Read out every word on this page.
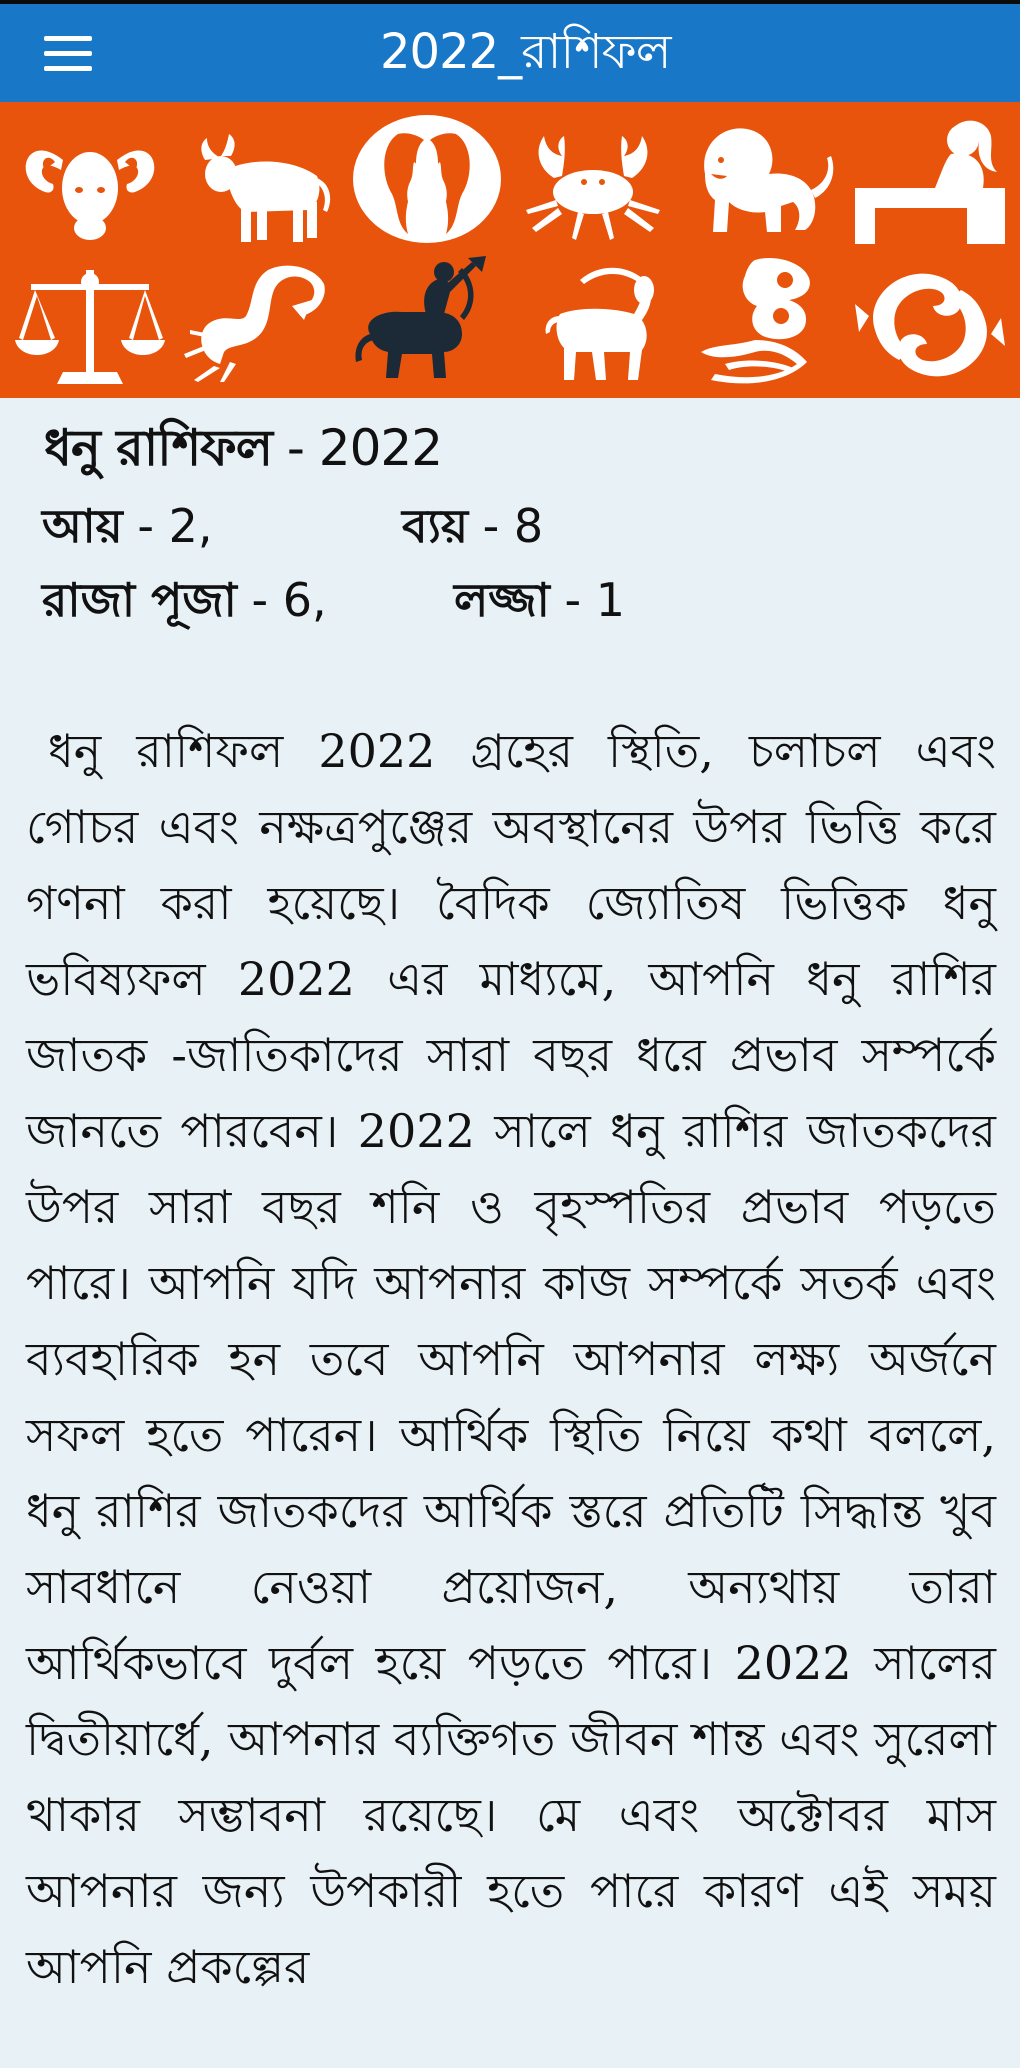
2022_রাশিফল
ধনু রাশিফল - 2022
আয় - 2,	ব্যয় - 8
রাজা পূজা - 6,	লজ্জা - 1
ধনু রাশিফল 2022 গ্রহের স্থিতি, চলাচল এবং গোচর এবং নক্ষত্রপুঞ্জের অবস্থানের উপর ভিত্তি করে গণনা করা হয়েছে। বৈদিক জ্যোতিষ ভিত্তিক ধনু ভবিষ্যফল 2022 এর মাধ্যমে, আপনি ধনু রাশির জাতক -জাতিকাদের সারা বছর ধরে প্রভাব সম্পর্কে জানতে পারবেন। 2022 সালে ধনু রাশির জাতকদের উপর সারা বছর শনি ও বৃহস্পতির প্রভাব পড়তে পারে। আপনি যদি আপনার কাজ সম্পর্কে সতর্ক এবং ব্যবহারিক হন তবে আপনি আপনার লক্ষ্য অর্জনে সফল হতে পারেন। আর্থিক স্থিতি নিয়ে কথা বললে, ধনু রাশির জাতকদের আর্থিক স্তরে প্রতিটি সিদ্ধান্ত খুব সাবধানে নেওয়া প্রয়োজন, অন্যথায় তারা আর্থিকভাবে দুর্বল হয়ে পড়তে পারে। 2022 সালের দ্বিতীয়ার্ধে, আপনার ব্যক্তিগত জীবন শান্ত এবং সুরেলা থাকার সম্ভাবনা রয়েছে। মে এবং অক্টোবর মাস আপনার জন্য উপকারী হতে পারে কারণ এই সময় আপনি প্রকল্পের
